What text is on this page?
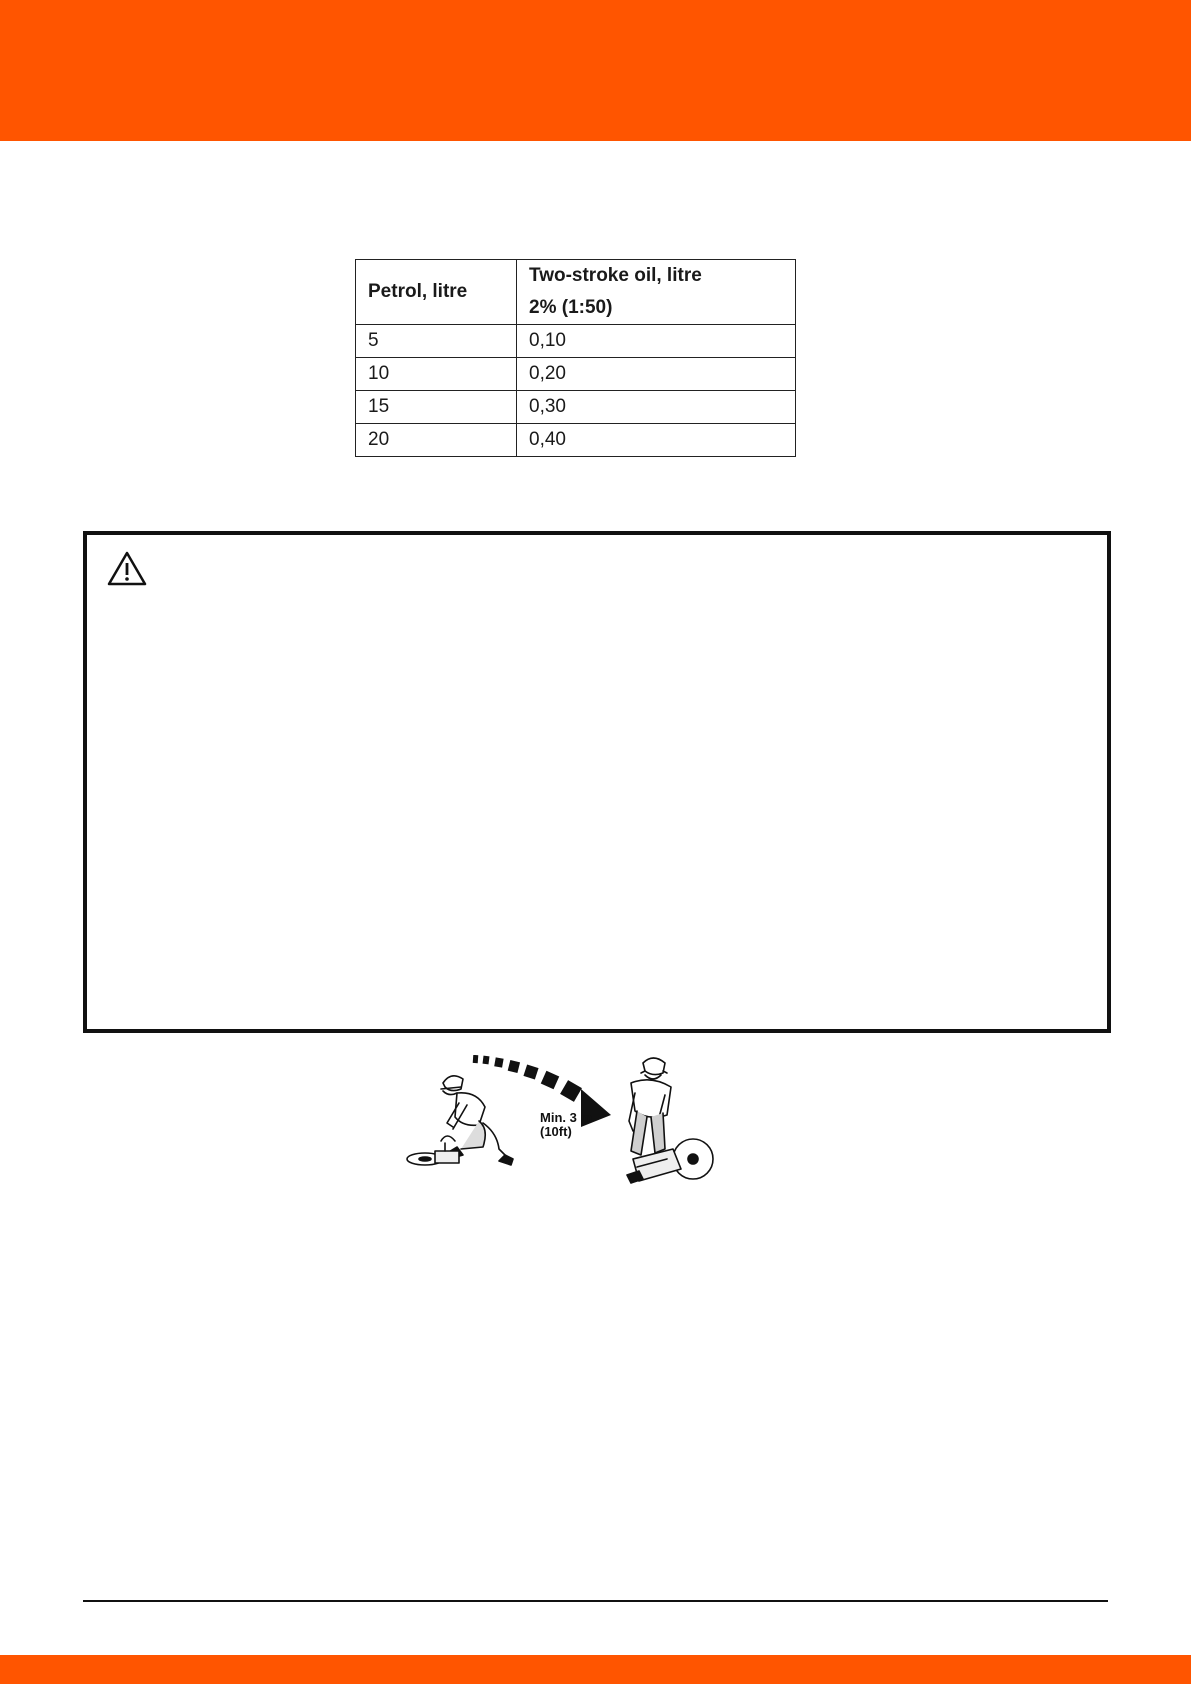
Petrol, litre	Two-stroke oil, litre
2% (1:50)
5	0,10
10	0,20
15	0,30
20	0,40
Min. 3 m
(10ft)
